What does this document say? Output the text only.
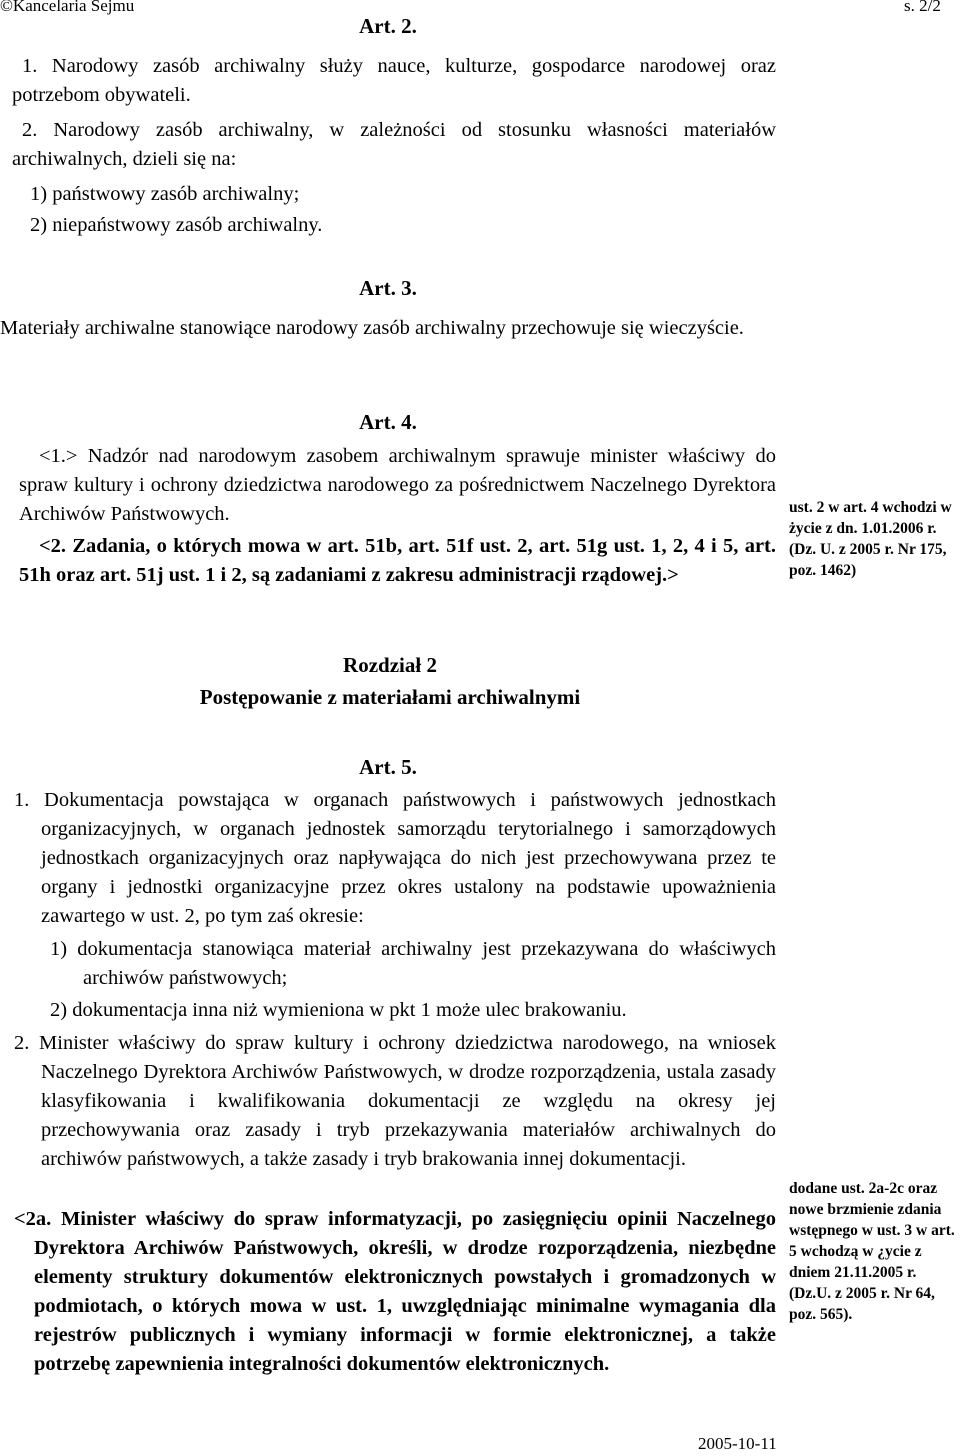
©Kancelaria Sejmu	s. 2/2
Art. 2.
1. Narodowy zasób archiwalny służy nauce, kulturze, gospodarce narodowej oraz potrzebom obywateli.
2. Narodowy zasób archiwalny, w zależności od stosunku własności materiałów archiwalnych, dzieli się na:
1) państwowy zasób archiwalny;
2) niepaństwowy zasób archiwalny.
Art. 3.
Materiały archiwalne stanowiące narodowy zasób archiwalny przechowuje się wieczyście.
Art. 4.
<1.> Nadzór nad narodowym zasobem archiwalnym sprawuje minister właściwy do spraw kultury i ochrony dziedzictwa narodowego za pośrednictwem Naczelnego Dyrektora Archiwów Państwowych.
<2. Zadania, o których mowa w art. 51b, art. 51f ust. 2, art. 51g ust. 1, 2, 4 i 5, art. 51h oraz art. 51j ust. 1 i 2, są zadaniami z zakresu administracji rządowej.>
ust. 2 w art. 4 wchodzi w życie z dn. 1.01.2006 r. (Dz. U. z 2005 r. Nr 175, poz. 1462)
Rozdział 2
Postępowanie z materiałami archiwalnymi
Art. 5.
1. Dokumentacja powstająca w organach państwowych i państwowych jednostkach organizacyjnych, w organach jednostek samorządu terytorialnego i samorządowych jednostkach organizacyjnych oraz napływająca do nich jest przechowywana przez te organy i jednostki organizacyjne przez okres ustalony na podstawie upoważnienia zawartego w ust. 2, po tym zaś okresie:
1) dokumentacja stanowiąca materiał archiwalny jest przekazywana do właściwych archiwów państwowych;
2) dokumentacja inna niż wymieniona w pkt 1 może ulec brakowaniu.
2. Minister właściwy do spraw kultury i ochrony dziedzictwa narodowego, na wniosek Naczelnego Dyrektora Archiwów Państwowych, w drodze rozporządzenia, ustala zasady klasyfikowania i kwalifikowania dokumentacji ze względu na okresy jej przechowywania oraz zasady i tryb przekazywania materiałów archiwalnych do archiwów państwowych, a także zasady i tryb brakowania innej dokumentacji.
<2a. Minister właściwy do spraw informatyzacji, po zasięgnięciu opinii Naczelnego Dyrektora Archiwów Państwowych, określi, w drodze rozporządzenia, niezbędne elementy struktury dokumentów elektronicznych powstałych i gromadzonych w podmiotach, o których mowa w ust. 1, uwzględniając minimalne wymagania dla rejestrów publicznych i wymiany informacji w formie elektronicznej, a także potrzebę zapewnienia integralności dokumentów elektronicznych.
dodane ust. 2a-2c oraz nowe brzmienie zdania wstępnego w ust. 3 w art. 5 wchodzą w ¿ycie z dniem 21.11.2005 r. (Dz.U. z 2005 r. Nr 64, poz. 565).
2005-10-11
